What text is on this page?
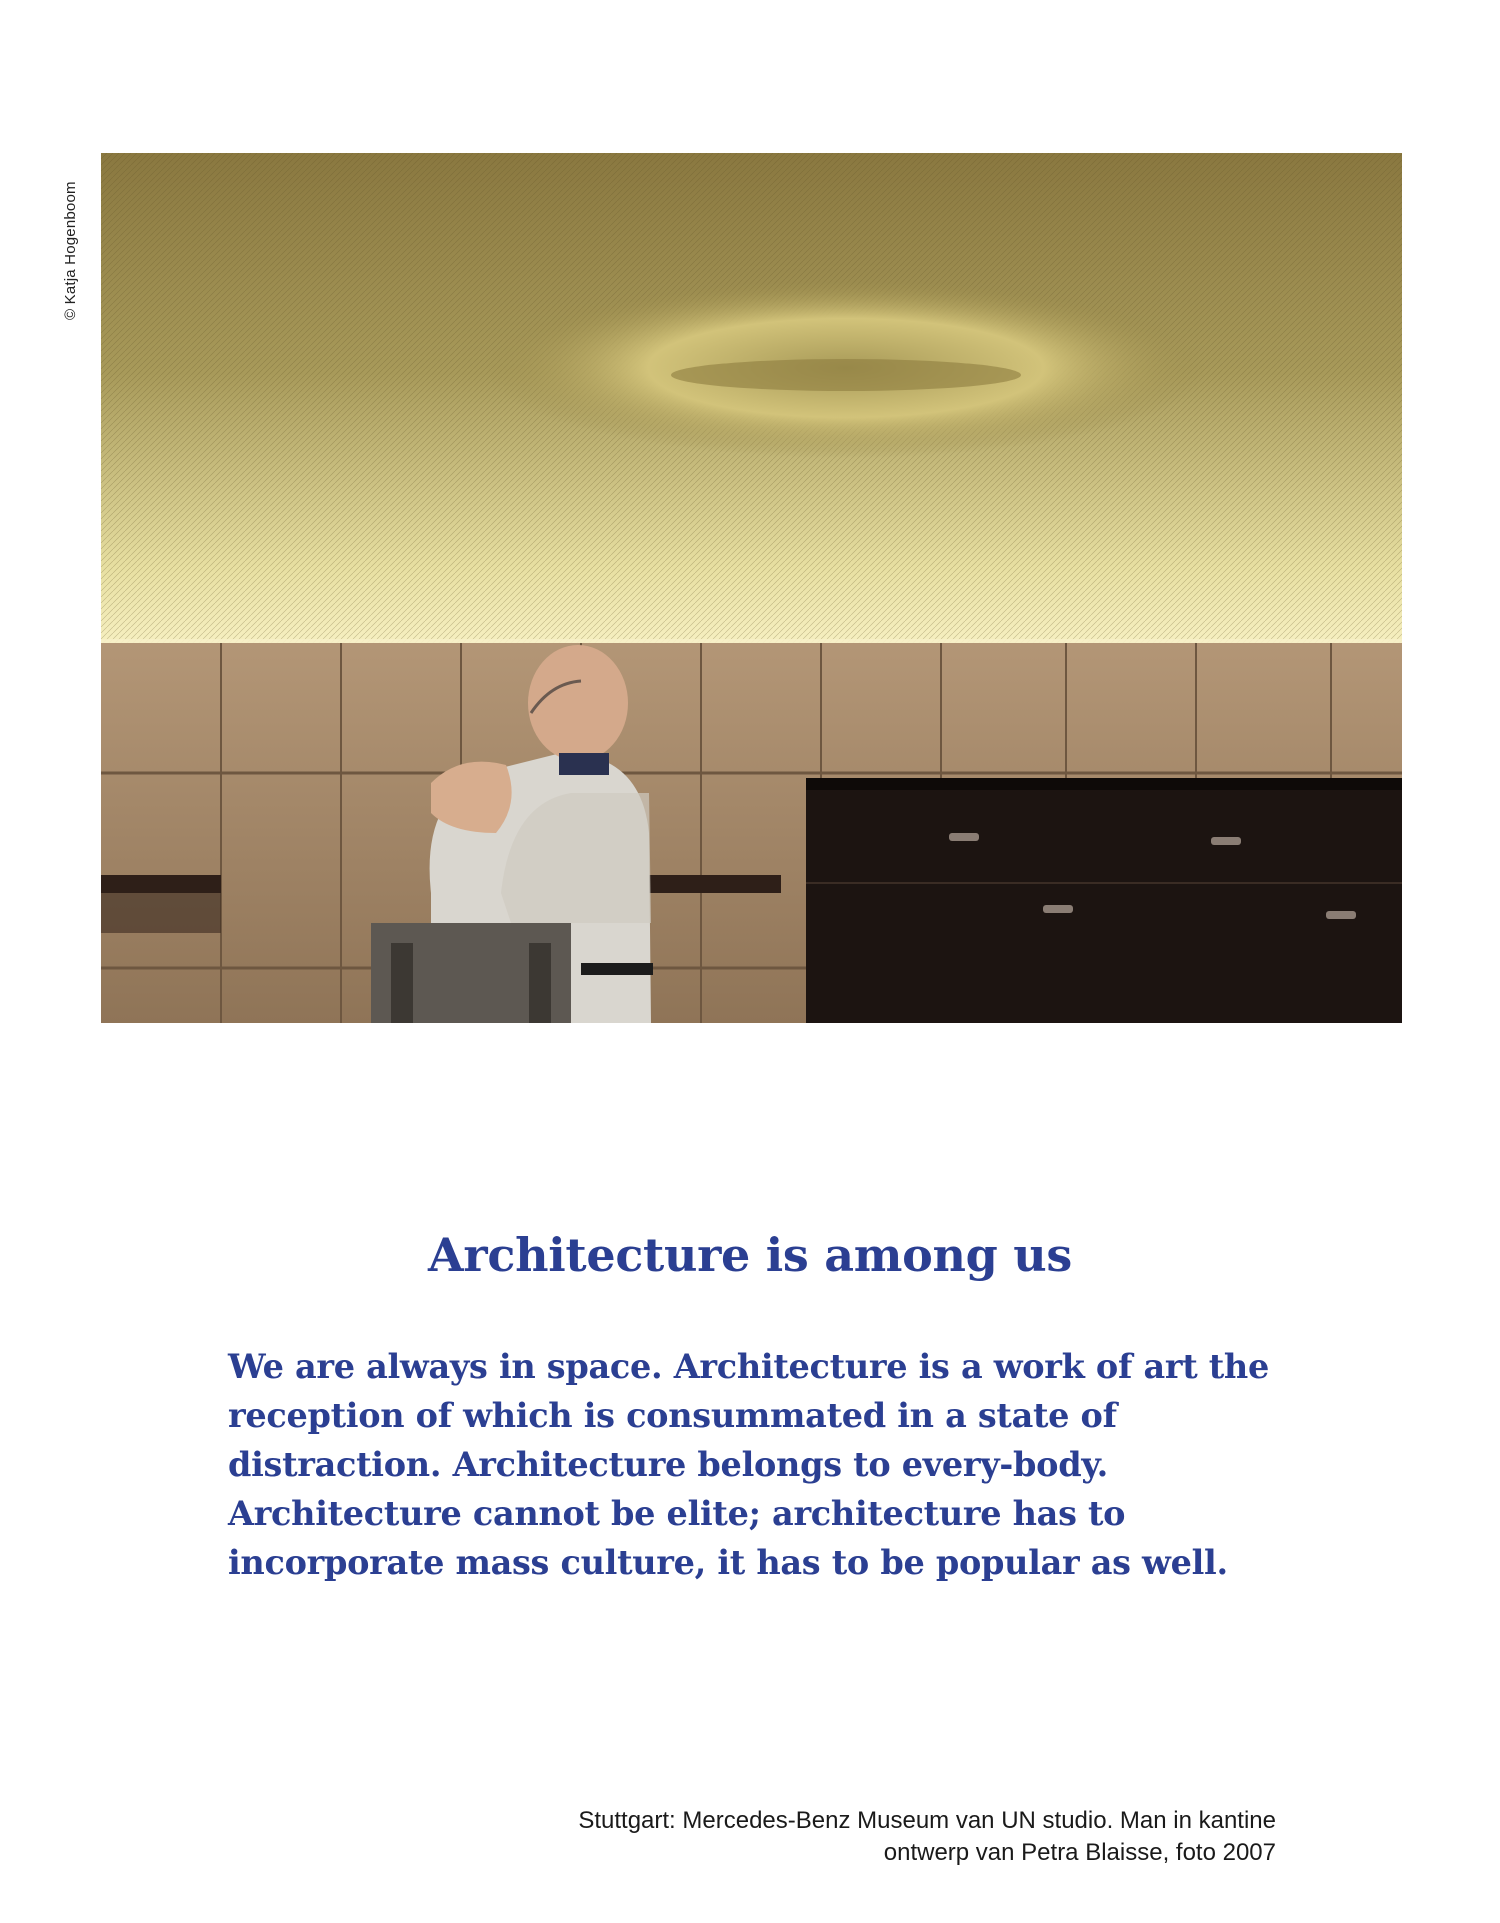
© Katja Hogenboom
Architecture is among us

We are always in space. Architecture is a work of art the reception of which is consummated in a state of distraction. Architecture belongs to every-body. Architecture cannot be elite; architecture has to incorporate mass culture, it has to be popular as well.

Stuttgart: Mercedes-Benz Museum van UN studio. Man in kantine
ontwerp van Petra Blaisse, foto 2007
